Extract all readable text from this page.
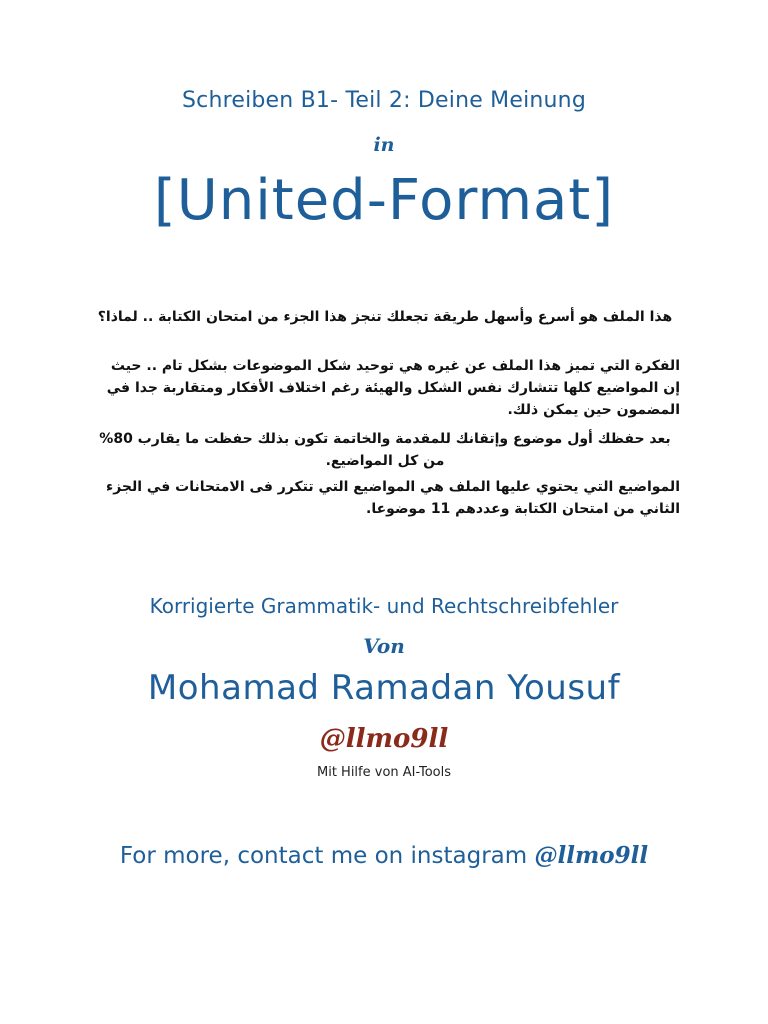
Schreiben B1- Teil 2: Deine Meinung
in
[United-Format]
هذا الملف هو أسرع وأسهل طريقة تجعلك تنجز هذا الجزء من امتحان الكتابة .. لماذا؟
الفكرة التي تميز هذا الملف عن غيره هي توحيد شكل الموضوعات بشكل تام .. حيث إن المواضيع كلها تتشارك نفس الشكل والهيئة رغم اختلاف الأفكار ومتقاربة جدا في المضمون حين يمكن ذلك.
بعد حفظك أول موضوع وإتقانك للمقدمة والخاتمة تكون بذلك حفظت ما يقارب 80% من كل المواضيع.
المواضيع التي يحتوي عليها الملف هي المواضيع التي تتكرر فى الامتحانات في الجزء الثاني من امتحان الكتابة وعددهم 11 موضوعا.
Korrigierte Grammatik- und Rechtschreibfehler
Von
Mohamad Ramadan Yousuf
@llmo9ll
Mit Hilfe von AI-Tools
For more, contact me on instagram @llmo9ll
